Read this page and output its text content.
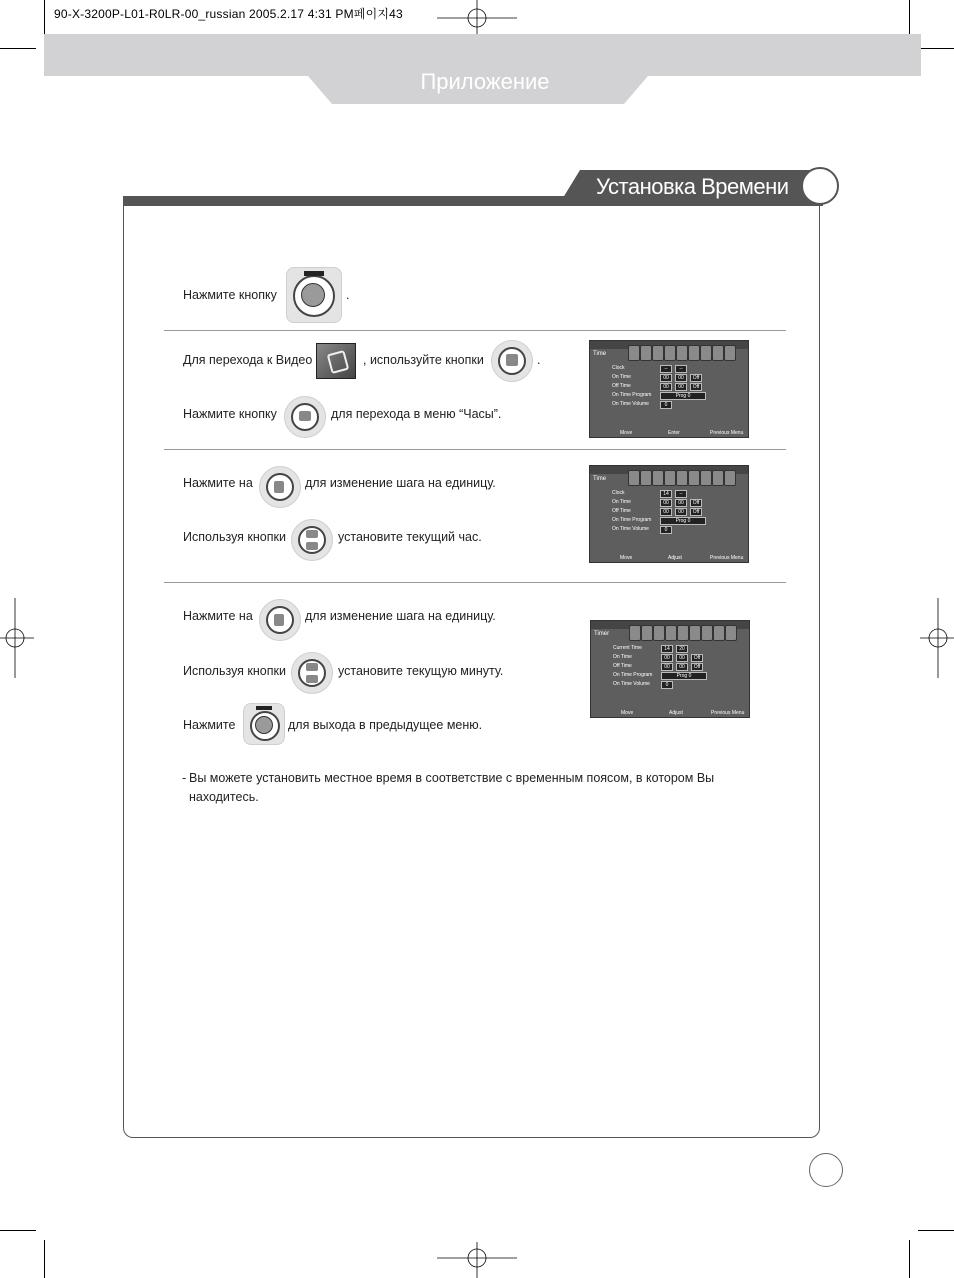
90-X-3200P-L01-R0LR-00_russian 2005.2.17 4:31 PM페이지43
Приложение
Установка Времени
Нажмите кнопку	.
Для перехода к Видео	, используйте кнопки	.
Нажмите кнопку	для перехода в меню “Часы”.
Нажмите на	для изменение шага на единицу.
Используя кнопки	установите текущий час.
Нажмите на	для изменение шага на единицу.
Используя кнопки	установите текущую минуту.
Нажмите	для выхода в предыдущее меню.
- Вы можете установить местное время в соответствие с временным поясом, в котором Вы
находитесь.
Time
Clock	--	--
On Time	00	00	Off
Off Time	00	00	Off
On Time Program	Prog 0
On Time Volume	0
Move	Enter	Previous Menu
Time
Clock	14	--
On Time	00	00	Off
Off Time	00	00	Off
On Time Program	Prog 0
On Time Volume	0
Move	Adjust	Previous Menu
Timer
Current Time	14	20
On Time	00	00	Off
Off Time	00	00	Off
On Time Program	Prog 0
On Time Volume	0
Move	Adjust	Previous Menu
